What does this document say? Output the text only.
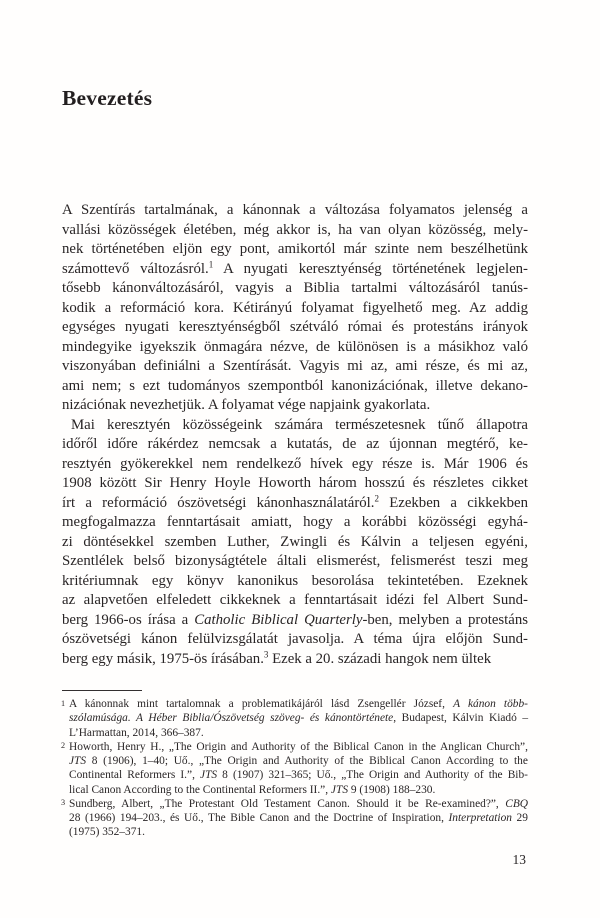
Bevezetés
A Szentírás tartalmának, a kánonnak a változása folyamatos jelenség a
vallási közösségek életében, még akkor is, ha van olyan közösség, mely-
nek történetében eljön egy pont, amikortól már szinte nem beszélhetünk
számottevő változásról.$^1$ A nyugati keresztyénség történetének legjelen-
tősebb kánonváltozásáról, vagyis a Biblia tartalmi változásáról tanús-
kodik a reformáció kora. Kétirányú folyamat figyelhető meg. Az addig
egységes nyugati keresztyénségből szétváló római és protestáns irányok
mindegyike igyekszik önmagára nézve, de különösen is a másikhoz való
viszonyában definiálni a Szentírását. Vagyis mi az, ami része, és mi az,
ami nem; s ezt tudományos szempontból kanonizációnak, illetve dekano-
nizációnak nevezhetjük. A folyamat vége napjaink gyakorlata.
Mai keresztyén közösségeink számára természetesnek tűnő állapotra
időről időre rákérdez nemcsak a kutatás, de az újonnan megtérő, ke-
resztyén gyökerekkel nem rendelkező hívek egy része is. Már 1906 és
1908 között Sir Henry Hoyle Howorth három hosszú és részletes cikket
írt a reformáció ószövetségi kánonhasználatáról.$^2$ Ezekben a cikkekben
megfogalmazza fenntartásait amiatt, hogy a korábbi közösségi egyhá-
zi döntésekkel szemben Luther, Zwingli és Kálvin a teljesen egyéni,
Szentlélek belső bizonyságtétele általi elismerést, felismerést teszi meg
kritériumnak egy könyv kanonikus besorolása tekintetében. Ezeknek
az alapvetően elfeledett cikkeknek a fenntartásait idézi fel Albert Sund-
berg 1966-os írása a Catholic Biblical Quarterly-ben, melyben a protestáns
ószövetségi kánon felülvizsgálatát javasolja. A téma újra előjön Sund-
berg egy másik, 1975-ös írásában.$^3$ Ezek a 20. századi hangok nem ültek
1 A kánonnak mint tartalomnak a problematikájáról lásd Zsengellér József, A kánon több-
szólamúsága. A Héber Biblia/Ószövetség szöveg- és kánontörténete, Budapest, Kálvin Kiadó –
L’Harmattan, 2014, 366–387.
2 Howorth, Henry H., „The Origin and Authority of the Biblical Canon in the Anglican Church”,
JTS 8 (1906), 1–40; Uő., „The Origin and Authority of the Biblical Canon According to the
Continental Reformers I.”, JTS 8 (1907) 321–365; Uő., „The Origin and Authority of the Bib-
lical Canon According to the Continental Reformers II.”, JTS 9 (1908) 188–230.
3 Sundberg, Albert, „The Protestant Old Testament Canon. Should it be Re-examined?”, CBQ
28 (1966) 194–203., és Uő., The Bible Canon and the Doctrine of Inspiration, Interpretation 29
(1975) 352–371.
13
